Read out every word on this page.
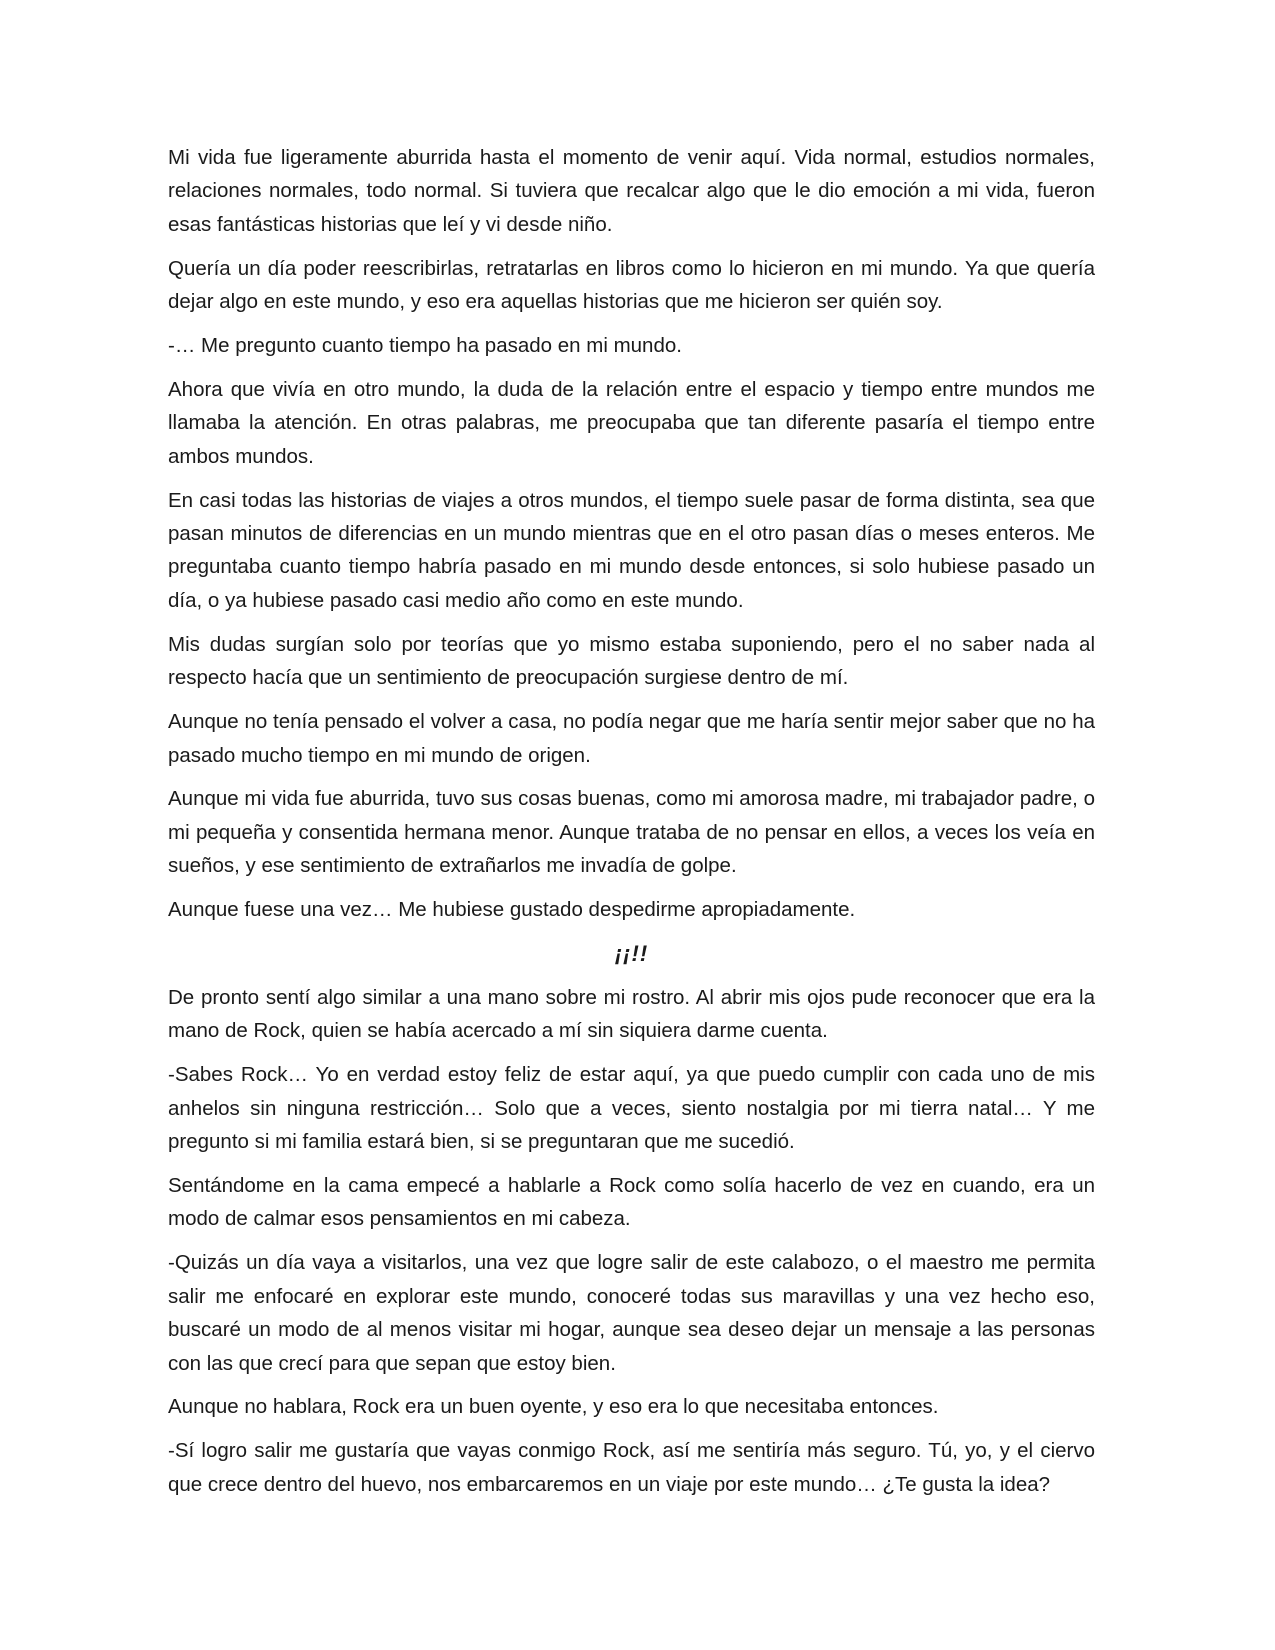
Mi vida fue ligeramente aburrida hasta el momento de venir aquí. Vida normal, estudios normales, relaciones normales, todo normal. Si tuviera que recalcar algo que le dio emoción a mi vida, fueron esas fantásticas historias que leí y vi desde niño.

Quería un día poder reescribirlas, retratarlas en libros como lo hicieron en mi mundo. Ya que quería dejar algo en este mundo, y eso era aquellas historias que me hicieron ser quién soy.

-… Me pregunto cuanto tiempo ha pasado en mi mundo.

Ahora que vivía en otro mundo, la duda de la relación entre el espacio y tiempo entre mundos me llamaba la atención. En otras palabras, me preocupaba que tan diferente pasaría el tiempo entre ambos mundos.

En casi todas las historias de viajes a otros mundos, el tiempo suele pasar de forma distinta, sea que pasan minutos de diferencias en un mundo mientras que en el otro pasan días o meses enteros. Me preguntaba cuanto tiempo habría pasado en mi mundo desde entonces, si solo hubiese pasado un día, o ya hubiese pasado casi medio año como en este mundo.

Mis dudas surgían solo por teorías que yo mismo estaba suponiendo, pero el no saber nada al respecto hacía que un sentimiento de preocupación surgiese dentro de mí.

Aunque no tenía pensado el volver a casa, no podía negar que me haría sentir mejor saber que no ha pasado mucho tiempo en mi mundo de origen.

Aunque mi vida fue aburrida, tuvo sus cosas buenas, como mi amorosa madre, mi trabajador padre, o mi pequeña y consentida hermana menor. Aunque trataba de no pensar en ellos, a veces los veía en sueños, y ese sentimiento de extrañarlos me invadía de golpe.

Aunque fuese una vez… Me hubiese gustado despedirme apropiadamente.

¡¡!!

De pronto sentí algo similar a una mano sobre mi rostro. Al abrir mis ojos pude reconocer que era la mano de Rock, quien se había acercado a mí sin siquiera darme cuenta.

-Sabes Rock… Yo en verdad estoy feliz de estar aquí, ya que puedo cumplir con cada uno de mis anhelos sin ninguna restricción… Solo que a veces, siento nostalgia por mi tierra natal… Y me pregunto si mi familia estará bien, si se preguntaran que me sucedió.

Sentándome en la cama empecé a hablarle a Rock como solía hacerlo de vez en cuando, era un modo de calmar esos pensamientos en mi cabeza.

-Quizás un día vaya a visitarlos, una vez que logre salir de este calabozo, o el maestro me permita salir me enfocaré en explorar este mundo, conoceré todas sus maravillas y una vez hecho eso, buscaré un modo de al menos visitar mi hogar, aunque sea deseo dejar un mensaje a las personas con las que crecí para que sepan que estoy bien.

Aunque no hablara, Rock era un buen oyente, y eso era lo que necesitaba entonces.

-Sí logro salir me gustaría que vayas conmigo Rock, así me sentiría más seguro. Tú, yo, y el ciervo que crece dentro del huevo, nos embarcaremos en un viaje por este mundo… ¿Te gusta la idea?
